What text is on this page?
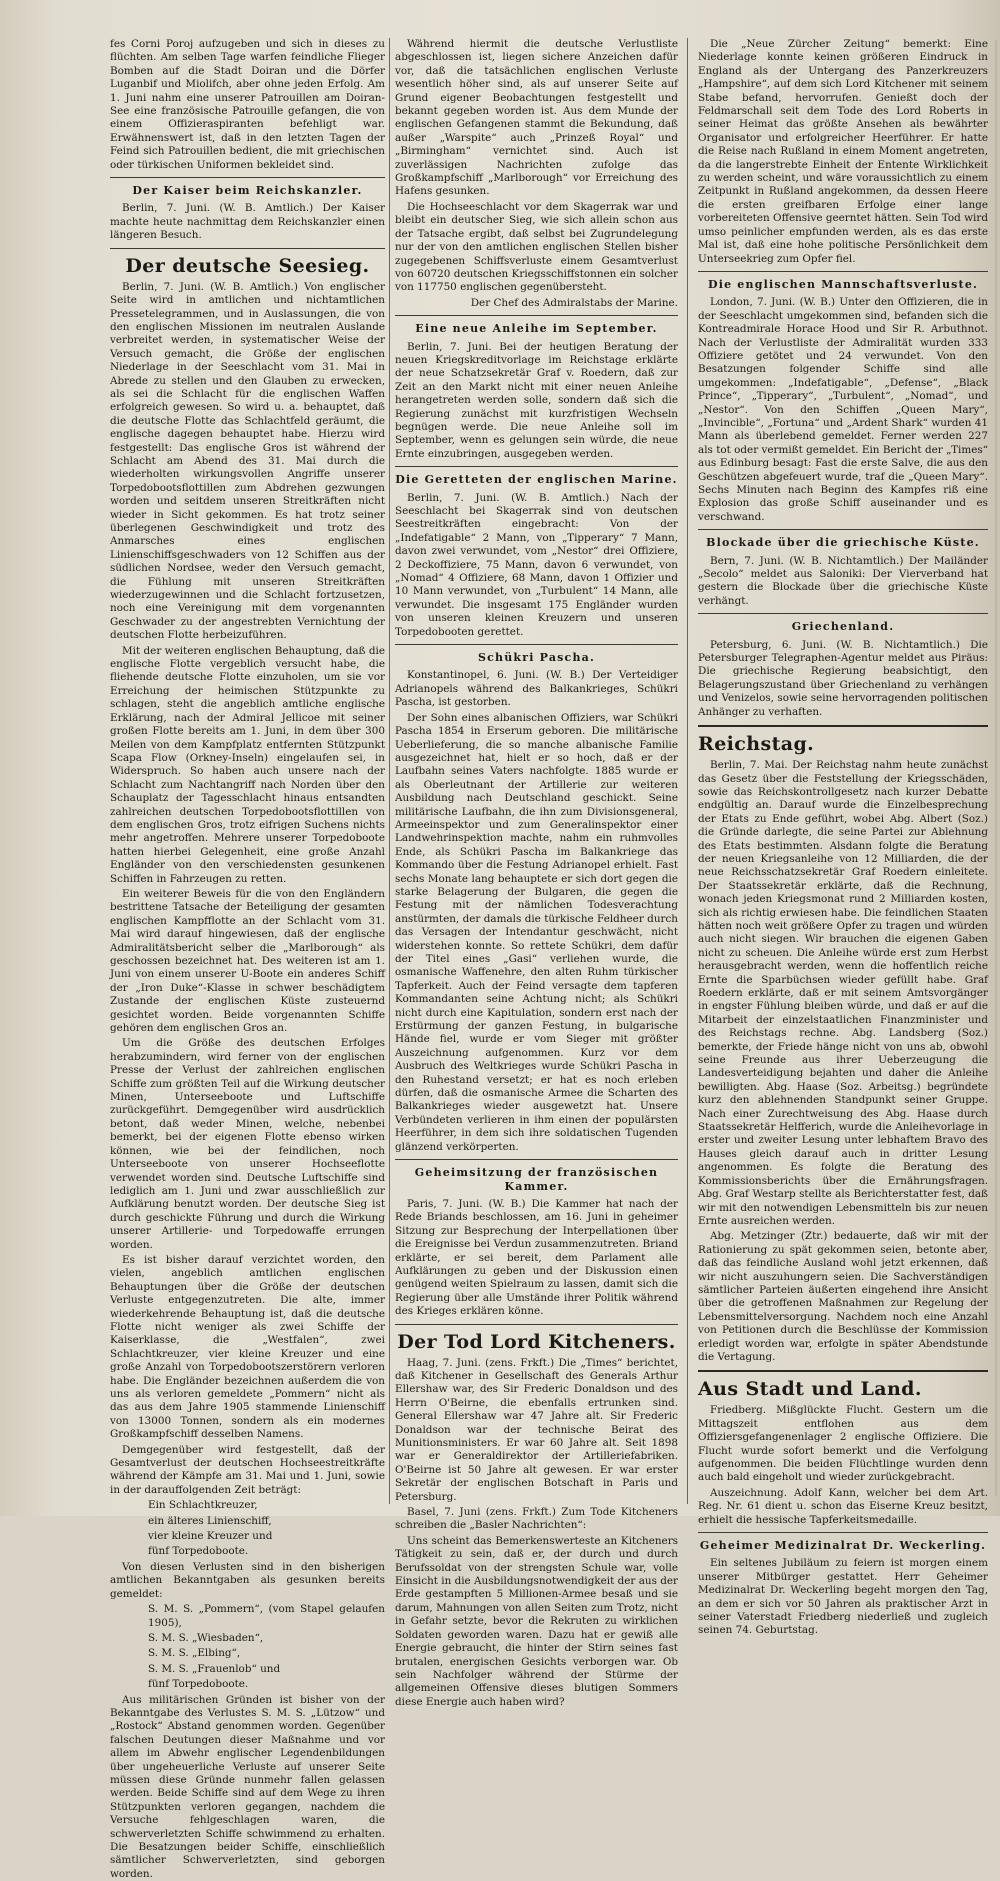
fes Corni Poroj aufzugeben und sich in dieses zu flüchten. Am selben Tage warfen feindliche Flieger Bomben auf die Stadt Doiran und die Dörfer Luganbif und Miolifch, aber ohne jeden Erfolg. Am 1. Juni nahm eine unserer Patrouillen am Doiran-See eine französische Patrouille gefangen, die von einem Offizieraspiranten befehligt war. Erwähnenswert ist, daß in den letzten Tagen der Feind sich Patrouillen bedient, die mit griechischen oder türkischen Uniformen bekleidet sind.

Der Kaiser beim Reichskanzler.

Berlin, 7. Juni. (W. B. Amtlich.) Der Kaiser machte heute nachmittag dem Reichskanzler einen längeren Besuch.

Der deutsche Seesieg.

Berlin, 7. Juni. (W. B. Amtlich.) Von englischer Seite wird in amtlichen und nichtamtlichen Pressetelegrammen, und in Auslassungen, die von den englischen Missionen im neutralen Auslande verbreitet werden, in systematischer Weise der Versuch gemacht, die Größe der englischen Niederlage in der Seeschlacht vom 31. Mai in Abrede zu stellen und den Glauben zu erwecken, als sei die Schlacht für die englischen Waffen erfolgreich gewesen. So wird u. a. behauptet, daß die deutsche Flotte das Schlachtfeld geräumt, die englische dagegen behauptet habe. Hierzu wird festgestellt: Das englische Gros ist während der Schlacht am Abend des 31. Mai durch die wiederholten wirkungsvollen Angriffe unserer Torpedobootsflottillen zum Abdrehen gezwungen worden und seitdem unseren Streitkräften nicht wieder in Sicht gekommen. Es hat trotz seiner überlegenen Geschwindigkeit und trotz des Anmarsches eines englischen Linienschiffsgeschwaders von 12 Schiffen aus der südlichen Nordsee, weder den Versuch gemacht, die Fühlung mit unseren Streitkräften wiederzugewinnen und die Schlacht fortzusetzen, noch eine Vereinigung mit dem vorgenannten Geschwader zu der angestrebten Vernichtung der deutschen Flotte herbeizuführen.

Mit der weiteren englischen Behauptung, daß die englische Flotte vergeblich versucht habe, die fliehende deutsche Flotte einzuholen, um sie vor Erreichung der heimischen Stützpunkte zu schlagen, steht die angeblich amtliche englische Erklärung, nach der Admiral Jellicoe mit seiner großen Flotte bereits am 1. Juni, in dem über 300 Meilen von dem Kampfplatz entfernten Stützpunkt Scapa Flow (Orkney-Inseln) eingelaufen sei, in Widerspruch. So haben auch unsere nach der Schlacht zum Nachtangriff nach Norden über den Schauplatz der Tagesschlacht hinaus entsandten zahlreichen deutschen Torpedobootsflottillen von dem englischen Gros, trotz eifrigen Suchens nichts mehr angetroffen. Mehrere unserer Torpedoboote hatten hierbei Gelegenheit, eine große Anzahl Engländer von den verschiedensten gesunkenen Schiffen in Fahrzeugen zu retten.

Ein weiterer Beweis für die von den Engländern bestrittene Tatsache der Beteiligung der gesamten englischen Kampfflotte an der Schlacht vom 31. Mai wird darauf hingewiesen, daß der englische Admiralitätsbericht selber die „Marlborough“ als geschossen bezeichnet hat. Des weiteren ist am 1. Juni von einem unserer U-Boote ein anderes Schiff der „Iron Duke“-Klasse in schwer beschädigtem Zustande der englischen Küste zusteuernd gesichtet worden. Beide vorgenannten Schiffe gehören dem englischen Gros an.

Um die Größe des deutschen Erfolges herabzumindern, wird ferner von der englischen Presse der Verlust der zahlreichen englischen Schiffe zum größten Teil auf die Wirkung deutscher Minen, Unterseeboote und Luftschiffe zurückgeführt. Demgegenüber wird ausdrücklich betont, daß weder Minen, welche, nebenbei bemerkt, bei der eigenen Flotte ebenso wirken können, wie bei der feindlichen, noch Unterseeboote von unserer Hochseeflotte verwendet worden sind. Deutsche Luftschiffe sind lediglich am 1. Juni und zwar ausschließlich zur Aufklärung benutzt worden. Der deutsche Sieg ist durch geschickte Führung und durch die Wirkung unserer Artillerie- und Torpedowaffe errungen worden.

Es ist bisher darauf verzichtet worden, den vielen, angeblich amtlichen englischen Behauptungen über die Größe der deutschen Verluste entgegenzutreten. Die alte, immer wiederkehrende Behauptung ist, daß die deutsche Flotte nicht weniger als zwei Schiffe der Kaiserklasse, die „Westfalen“, zwei Schlachtkreuzer, vier kleine Kreuzer und eine große Anzahl von Torpedobootszerstörern verloren habe. Die Engländer bezeichnen außerdem die von uns als verloren gemeldete „Pommern“ nicht als das aus dem Jahre 1905 stammende Linienschiff von 13000 Tonnen, sondern als ein modernes Großkampfschiff desselben Namens.

Demgegenüber wird festgestellt, daß der Gesamtverlust der deutschen Hochseestreitkräfte während der Kämpfe am 31. Mai und 1. Juni, sowie in der darauffolgenden Zeit beträgt:

Ein Schlachtkreuzer,

ein älteres Linienschiff,

vier kleine Kreuzer und

fünf Torpedoboote.

Von diesen Verlusten sind in den bisherigen amtlichen Bekanntgaben als gesunken bereits gemeldet:

S. M. S. „Pommern“, (vom Stapel gelaufen 1905),

S. M. S. „Wiesbaden“,

S. M. S. „Elbing“,

S. M. S. „Frauenlob“ und

fünf Torpedoboote.

Aus militärischen Gründen ist bisher von der Bekanntgabe des Verlustes S. M. S. „Lützow“ und „Rostock“ Abstand genommen worden. Gegenüber falschen Deutungen dieser Maßnahme und vor allem im Abwehr englischer Legendenbildungen über ungeheuerliche Verluste auf unserer Seite müssen diese Gründe nunmehr fallen gelassen werden. Beide Schiffe sind auf dem Wege zu ihren Stützpunkten verloren gegangen, nachdem die Versuche fehlgeschlagen waren, die schwerverletzten Schiffe schwimmend zu erhalten. Die Besatzungen beider Schiffe, einschließlich sämtlicher Schwerverletzten, sind geborgen worden.

Während hiermit die deutsche Verlustliste abgeschlossen ist, liegen sichere Anzeichen dafür vor, daß die tatsächlichen englischen Verluste wesentlich höher sind, als auf unserer Seite auf Grund eigener Beobachtungen festgestellt und bekannt gegeben worden ist. Aus dem Munde der englischen Gefangenen stammt die Bekundung, daß außer „Warspite“ auch „Prinzeß Royal“ und „Birmingham“ vernichtet sind. Auch ist zuverlässigen Nachrichten zufolge das Großkampfschiff „Marlborough“ vor Erreichung des Hafens gesunken.

Die Hochseeschlacht vor dem Skagerrak war und bleibt ein deutscher Sieg, wie sich allein schon aus der Tatsache ergibt, daß selbst bei Zugrundelegung nur der von den amtlichen englischen Stellen bisher zugegebenen Schiffsverluste einem Gesamtverlust von 60720 deutschen Kriegsschiffstonnen ein solcher von 117750 englischen gegenübersteht.

Der Chef des Admiralstabs der Marine.

Eine neue Anleihe im September.

Berlin, 7. Juni. Bei der heutigen Beratung der neuen Kriegskreditvorlage im Reichstage erklärte der neue Schatzsekretär Graf v. Roedern, daß zur Zeit an den Markt nicht mit einer neuen Anleihe herangetreten werden solle, sondern daß sich die Regierung zunächst mit kurzfristigen Wechseln begnügen werde. Die neue Anleihe soll im September, wenn es gelungen sein würde, die neue Ernte einzubringen, ausgegeben werden.

Die Geretteten der englischen Marine.

Berlin, 7. Juni. (W. B. Amtlich.) Nach der Seeschlacht bei Skagerrak sind von deutschen Seestreitkräften eingebracht: Von der „Indefatigable“ 2 Mann, von „Tipperary“ 7 Mann, davon zwei verwundet, vom „Nestor“ drei Offiziere, 2 Deckoffiziere, 75 Mann, davon 6 verwundet, von „Nomad“ 4 Offiziere, 68 Mann, davon 1 Offizier und 10 Mann verwundet, von „Turbulent“ 14 Mann, alle verwundet. Die insgesamt 175 Engländer wurden von unseren kleinen Kreuzern und unseren Torpedobooten gerettet.

Schükri Pascha.

Konstantinopel, 6. Juni. (W. B.) Der Verteidiger Adrianopels während des Balkankrieges, Schükri Pascha, ist gestorben.

Der Sohn eines albanischen Offiziers, war Schükri Pascha 1854 in Erserum geboren. Die militärische Ueberlieferung, die so manche albanische Familie ausgezeichnet hat, hielt er so hoch, daß er der Laufbahn seines Vaters nachfolgte. 1885 wurde er als Oberleutnant der Artillerie zur weiteren Ausbildung nach Deutschland geschickt. Seine militärische Laufbahn, die ihn zum Divisionsgeneral, Armeeinspektor und zum Generalinspektor einer Landwehrinspektion machte, nahm ein ruhmvolles Ende, als Schükri Pascha im Balkankriege das Kommando über die Festung Adrianopel erhielt. Fast sechs Monate lang behauptete er sich dort gegen die starke Belagerung der Bulgaren, die gegen die Festung mit der nämlichen Todesverachtung anstürmten, der damals die türkische Feldheer durch das Versagen der Intendantur geschwächt, nicht widerstehen konnte. So rettete Schükri, dem dafür der Titel eines „Gasi“ verliehen wurde, die osmanische Waffenehre, den alten Ruhm türkischer Tapferkeit. Auch der Feind versagte dem tapferen Kommandanten seine Achtung nicht; als Schükri nicht durch eine Kapitulation, sondern erst nach der Erstürmung der ganzen Festung, in bulgarische Hände fiel, wurde er vom Sieger mit größter Auszeichnung aufgenommen. Kurz vor dem Ausbruch des Weltkrieges wurde Schükri Pascha in den Ruhestand versetzt; er hat es noch erleben dürfen, daß die osmanische Armee die Scharten des Balkankrieges wieder ausgewetzt hat. Unsere Verbündeten verlieren in ihm einen der populärsten Heerführer, in dem sich ihre soldatischen Tugenden glänzend verkörperten.

Geheimsitzung der französischen Kammer.

Paris, 7. Juni. (W. B.) Die Kammer hat nach der Rede Briands beschlossen, am 16. Juni in geheimer Sitzung zur Besprechung der Interpellationen über die Ereignisse bei Verdun zusammenzutreten. Briand erklärte, er sei bereit, dem Parlament alle Aufklärungen zu geben und der Diskussion einen genügend weiten Spielraum zu lassen, damit sich die Regierung über alle Umstände ihrer Politik während des Krieges erklären könne.

Der Tod Lord Kitcheners.

Haag, 7. Juni. (zens. Frkft.) Die „Times“ berichtet, daß Kitchener in Gesellschaft des Generals Arthur Ellershaw war, des Sir Frederic Donaldson und des Herrn O'Beirne, die ebenfalls ertrunken sind. General Ellershaw war 47 Jahre alt. Sir Frederic Donaldson war der technische Beirat des Munitionsministers. Er war 60 Jahre alt. Seit 1898 war er Generaldirektor der Artilleriefabriken. O'Beirne ist 50 Jahre alt gewesen. Er war erster Sekretär der englischen Botschaft in Paris und Petersburg.

Basel, 7. Juni (zens. Frkft.) Zum Tode Kitcheners schreiben die „Basler Nachrichten“:

Uns scheint das Bemerkenswerteste an Kitcheners Tätigkeit zu sein, daß er, der durch und durch Berufssoldat von der strengsten Schule war, volle Einsicht in die Ausbildungsnotwendigkeit der aus der Erde gestampften 5 Millionen-Armee besaß und sie darum, Mahnungen von allen Seiten zum Trotz, nicht in Gefahr setzte, bevor die Rekruten zu wirklichen Soldaten geworden waren. Dazu hat er gewiß alle Energie gebraucht, die hinter der Stirn seines fast brutalen, energischen Gesichts verborgen war. Ob sein Nachfolger während der Stürme der allgemeinen Offensive dieses blutigen Sommers diese Energie auch haben wird?

Die „Neue Zürcher Zeitung“ bemerkt: Eine Niederlage konnte keinen größeren Eindruck in England als der Untergang des Panzerkreuzers „Hampshire“, auf dem sich Lord Kitchener mit seinem Stabe befand, hervorrufen. Genießt doch der Feldmarschall seit dem Tode des Lord Roberts in seiner Heimat das größte Ansehen als bewährter Organisator und erfolgreicher Heerführer. Er hatte die Reise nach Rußland in einem Moment angetreten, da die langerstrebte Einheit der Entente Wirklichkeit zu werden scheint, und wäre voraussichtlich zu einem Zeitpunkt in Rußland angekommen, da dessen Heere die ersten greifbaren Erfolge einer lange vorbereiteten Offensive geerntet hätten. Sein Tod wird umso peinlicher empfunden werden, als es das erste Mal ist, daß eine hohe politische Persönlichkeit dem Unterseekrieg zum Opfer fiel.

Die englischen Mannschaftsverluste.

London, 7. Juni. (W. B.) Unter den Offizieren, die in der Seeschlacht umgekommen sind, befanden sich die Kontreadmirale Horace Hood und Sir R. Arbuthnot. Nach der Verlustliste der Admiralität wurden 333 Offiziere getötet und 24 verwundet. Von den Besatzungen folgender Schiffe sind alle umgekommen: „Indefatigable“, „Defense“, „Black Prince“, „Tipperary“, „Turbulent“, „Nomad“, und „Nestor“. Von den Schiffen „Queen Mary“, „Invincible“, „Fortuna“ und „Ardent Shark“ wurden 41 Mann als überlebend gemeldet. Ferner werden 227 als tot oder vermißt gemeldet. Ein Bericht der „Times“ aus Edinburg besagt: Fast die erste Salve, die aus den Geschützen abgefeuert wurde, traf die „Queen Mary“. Sechs Minuten nach Beginn des Kampfes riß eine Explosion das große Schiff auseinander und es verschwand.

Blockade über die griechische Küste.

Bern, 7. Juni. (W. B. Nichtamtlich.) Der Mailänder „Secolo“ meldet aus Saloniki: Der Vierverband hat gestern die Blockade über die griechische Küste verhängt.

Griechenland.

Petersburg, 6. Juni. (W. B. Nichtamtlich.) Die Petersburger Telegraphen-Agentur meldet aus Piräus: Die griechische Regierung beabsichtigt, den Belagerungszustand über Griechenland zu verhängen und Venizelos, sowie seine hervorragenden politischen Anhänger zu verhaften.

Reichstag.

Berlin, 7. Mai. Der Reichstag nahm heute zunächst das Gesetz über die Feststellung der Kriegsschäden, sowie das Reichskontrollgesetz nach kurzer Debatte endgültig an. Darauf wurde die Einzelbesprechung der Etats zu Ende geführt, wobei Abg. Albert (Soz.) die Gründe darlegte, die seine Partei zur Ablehnung des Etats bestimmten. Alsdann folgte die Beratung der neuen Kriegsanleihe von 12 Milliarden, die der neue Reichsschatzsekretär Graf Roedern einleitete. Der Staatssekretär erklärte, daß die Rechnung, wonach jeden Kriegsmonat rund 2 Milliarden kosten, sich als richtig erwiesen habe. Die feindlichen Staaten hätten noch weit größere Opfer zu tragen und würden auch nicht siegen. Wir brauchen die eigenen Gaben nicht zu scheuen. Die Anleihe würde erst zum Herbst herausgebracht werden, wenn die hoffentlich reiche Ernte die Sparbüchsen wieder gefüllt habe. Graf Roedern erklärte, daß er mit seinem Amtsvorgänger in engster Fühlung bleiben würde, und daß er auf die Mitarbeit der einzelstaatlichen Finanzminister und des Reichstags rechne. Abg. Landsberg (Soz.) bemerkte, der Friede hänge nicht von uns ab, obwohl seine Freunde aus ihrer Ueberzeugung die Landesverteidigung bejahten und daher die Anleihe bewilligten. Abg. Haase (Soz. Arbeitsg.) begründete kurz den ablehnenden Standpunkt seiner Gruppe. Nach einer Zurechtweisung des Abg. Haase durch Staatssekretär Helfferich, wurde die Anleihevorlage in erster und zweiter Lesung unter lebhaftem Bravo des Hauses gleich darauf auch in dritter Lesung angenommen. Es folgte die Beratung des Kommissionsberichts über die Ernährungsfragen. Abg. Graf Westarp stellte als Berichterstatter fest, daß wir mit den notwendigen Lebensmitteln bis zur neuen Ernte ausreichen werden.

Abg. Metzinger (Ztr.) bedauerte, daß wir mit der Rationierung zu spät gekommen seien, betonte aber, daß das feindliche Ausland wohl jetzt erkennen, daß wir nicht auszuhungern seien. Die Sachverständigen sämtlicher Parteien äußerten eingehend ihre Ansicht über die getroffenen Maßnahmen zur Regelung der Lebensmittelversorgung. Nachdem noch eine Anzahl von Petitionen durch die Beschlüsse der Kommission erledigt worden war, erfolgte in später Abendstunde die Vertagung.

Aus Stadt und Land.

Friedberg. Mißglückte Flucht. Gestern um die Mittagszeit entflohen aus dem Offiziersgefangenenlager 2 englische Offiziere. Die Flucht wurde sofort bemerkt und die Verfolgung aufgenommen. Die beiden Flüchtlinge wurden denn auch bald eingeholt und wieder zurückgebracht.

Auszeichnung. Adolf Kann, welcher bei dem Art. Reg. Nr. 61 dient u. schon das Eiserne Kreuz besitzt, erhielt die hessische Tapferkeitsmedaille.

Geheimer Medizinalrat Dr. Weckerling.

Ein seltenes Jubiläum zu feiern ist morgen einem unserer Mitbürger gestattet. Herr Geheimer Medizinalrat Dr. Weckerling begeht morgen den Tag, an dem er sich vor 50 Jahren als praktischer Arzt in seiner Vaterstadt Friedberg niederließ und zugleich seinen 74. Geburtstag.
